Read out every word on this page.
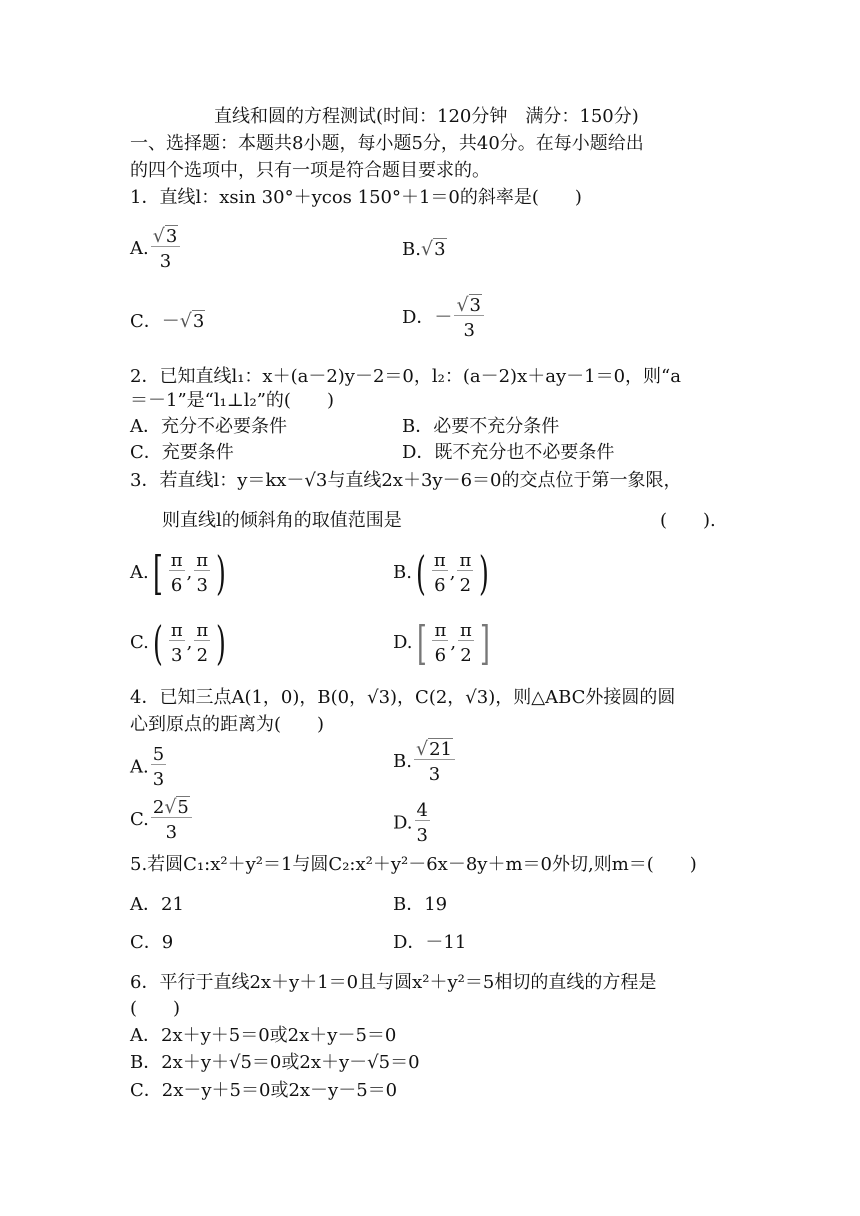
直线和圆的方程测试(时间：120分钟　满分：150分)
一、选择题：本题共8小题，每小题5分，共40分。在每小题给出
的四个选项中，只有一项是符合题目要求的。
1．直线l：xsin 30°＋ycos 150°＋1＝0的斜率是(　　)
A. $\frac{√3}{3}$	B.√3
C．－√3	D．－ $\frac{√3}{3}$
2．已知直线l₁：x＋(a－2)y－2＝0，l₂：(a－2)x＋ay－1＝0，则“a
＝－1”是“l₁⊥l₂”的(　　)
A．充分不必要条件	B．必要不充分条件
C．充要条件	D．既不充分也不必要条件
3．若直线l：y＝kx－√3与直线2x＋3y－6＝0的交点位于第一象限，
则直线l的倾斜角的取值范围是	(　　).
$A.[ \frac{\pi}{6}$ , $\frac{\pi}{3}$ )	$B.( \frac{\pi}{6}$ , $\frac{\pi}{2}$ )
$C.( \frac{\pi}{3}$ , $\frac{\pi}{2}$ )	$D.[ \frac{\pi}{6}$ , $\frac{\pi}{2}$ ]
4．已知三点A(1，0)，B(0，√3)，C(2，√3)，则△ABC外接圆的圆
心到原点的距离为(　　)
A. $\frac{5}{3}$	B. $\frac{√21}{3}$
C. $\frac{2√5}{3}$	D. $\frac{4}{3}$
5.若圆C₁:x²＋y²＝1与圆C₂:x²＋y²－6x－8y＋m＝0外切,则m＝(　　)
A．21	B．19
C．9	D．－11
6．平行于直线2x＋y＋1＝0且与圆x²＋y²＝5相切的直线的方程是
(　　)
A．2x＋y＋5＝0或2x＋y－5＝0
B．2x＋y＋√5＝0或2x＋y－√5＝0
C．2x－y＋5＝0或2x－y－5＝0
